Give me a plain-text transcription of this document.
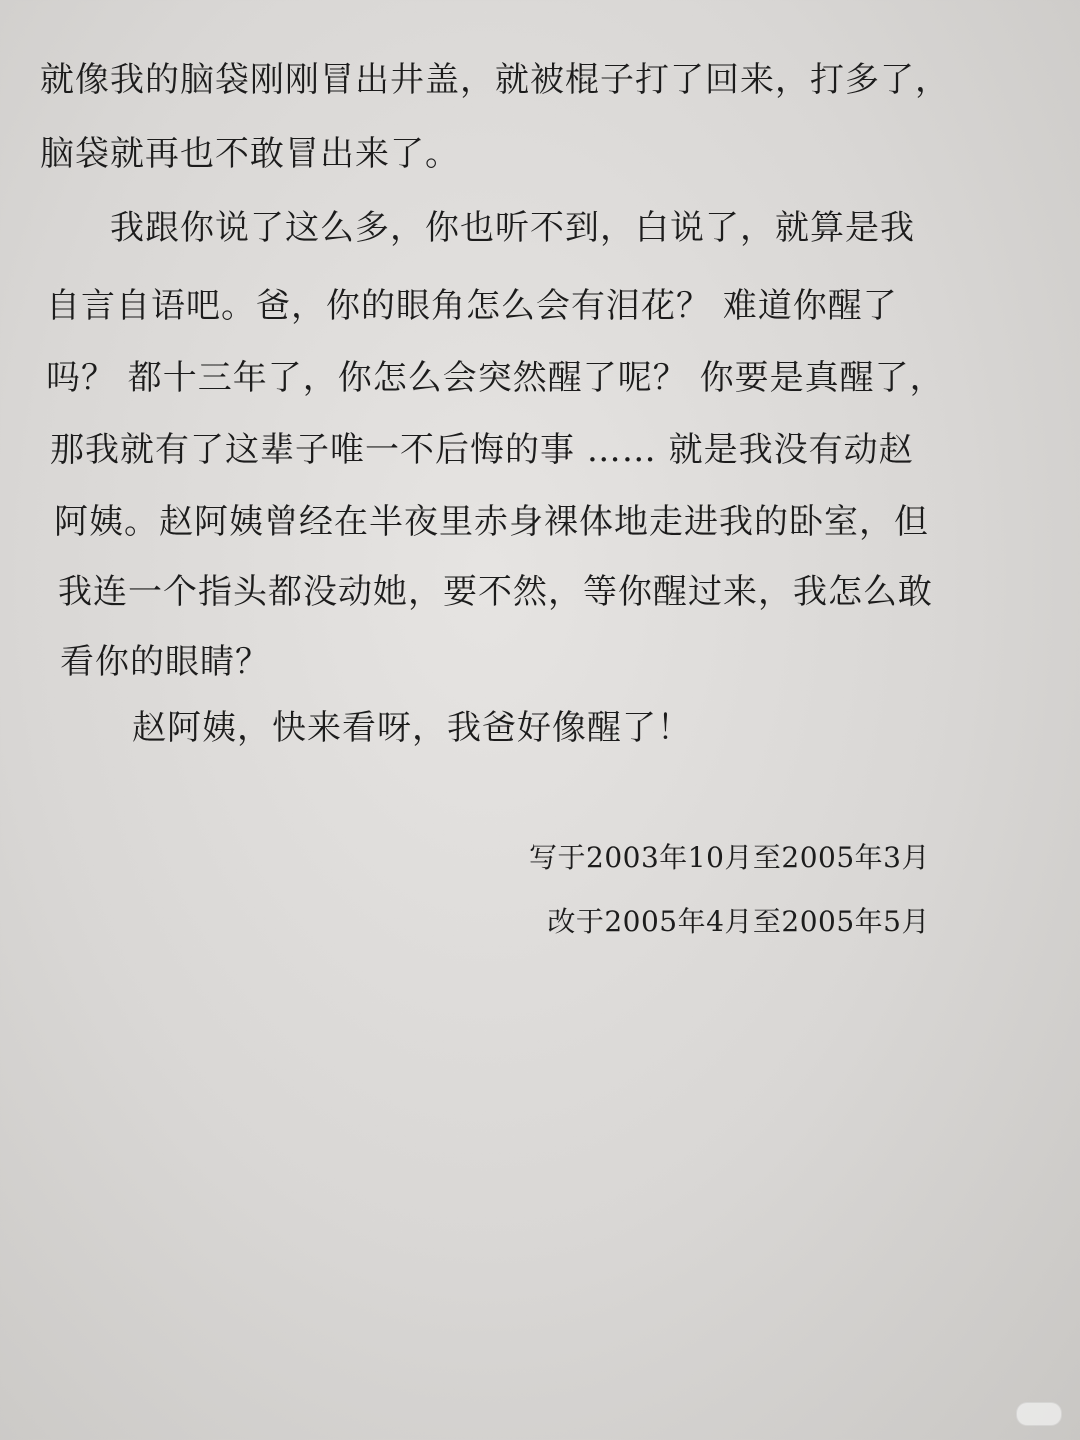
就像我的脑袋刚刚冒出井盖，就被棍子打了回来，打多了，
脑袋就再也不敢冒出来了。
我跟你说了这么多，你也听不到，白说了，就算是我
自言自语吧。爸，你的眼角怎么会有泪花？ 难道你醒了
吗？ 都十三年了，你怎么会突然醒了呢？ 你要是真醒了，
那我就有了这辈子唯一不后悔的事 …… 就是我没有动赵
阿姨。赵阿姨曾经在半夜里赤身裸体地走进我的卧室，但
我连一个指头都没动她，要不然，等你醒过来，我怎么敢
看你的眼睛？
赵阿姨，快来看呀，我爸好像醒了！
写于2003年10月至2005年3月
改于2005年4月至2005年5月
